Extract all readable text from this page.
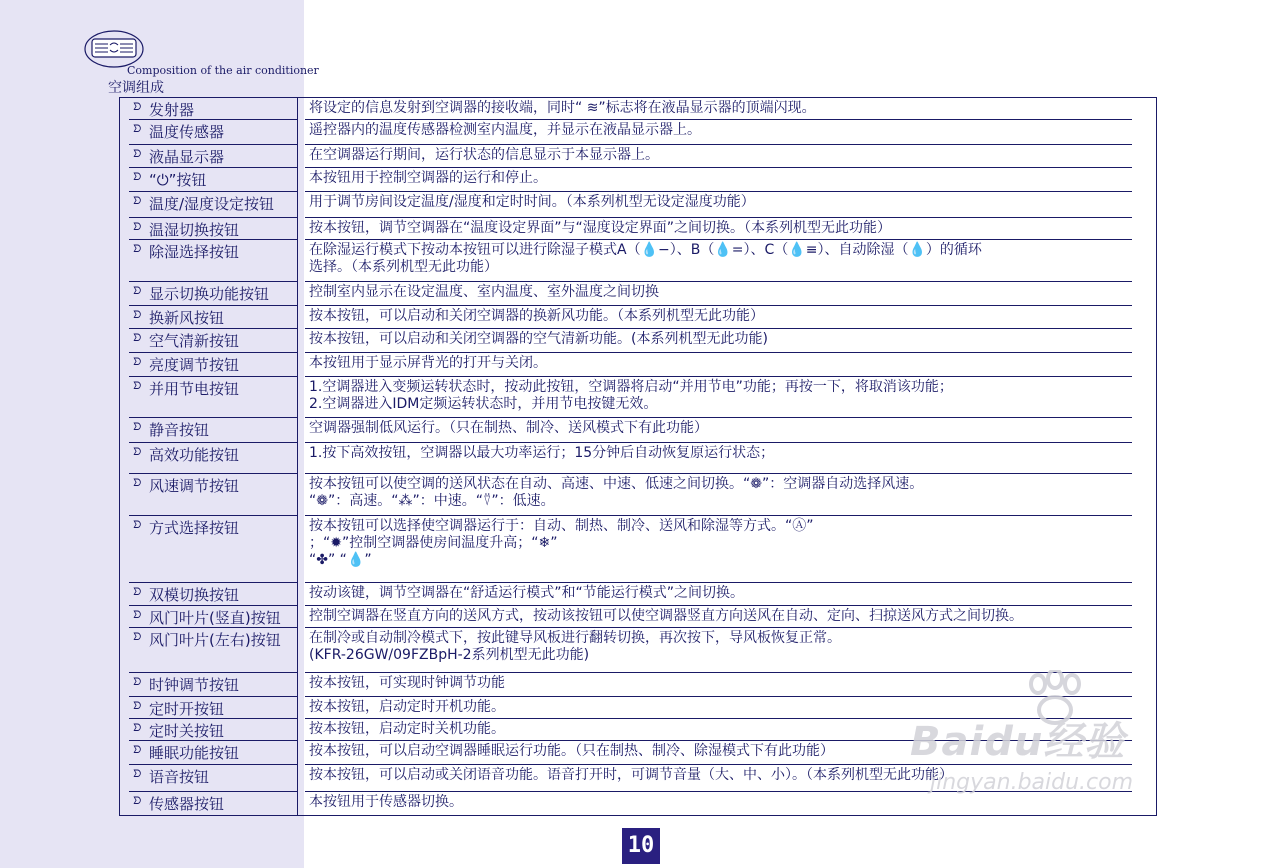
Composition of the air conditioner
空调组成
ᗤ 发射器	将设定的信息发射到空调器的接收端，同时“ ≋”标志将在液晶显示器的顶端闪现。
ᗤ 温度传感器	遥控器内的温度传感器检测室内温度，并显示在液晶显示器上。
ᗤ 液晶显示器	在空调器运行期间，运行状态的信息显示于本显示器上。
ᗤ “⏻”按钮	本按钮用于控制空调器的运行和停止。
ᗤ 温度/湿度设定按钮 用于调节房间设定温度/湿度和定时时间。（本系列机型无设定湿度功能）
ᗤ 温湿切换按钮	按本按钮，调节空调器在“温度设定界面”与“湿度设定界面”之间切换。（本系列机型无此功能）
ᗤ 除湿选择按钮	在除湿运行模式下按动本按钮可以进行除湿子模式A（💧−）、B（💧=）、C（💧≡）、自动除湿（💧）的循环
选择。（本系列机型无此功能）
ᗤ 显示切换功能按钮	控制室内显示在设定温度、室内温度、室外温度之间切换
ᗤ 换新风按钮	按本按钮，可以启动和关闭空调器的换新风功能。（本系列机型无此功能）
ᗤ 空气清新按钮	按本按钮，可以启动和关闭空调器的空气清新功能。(本系列机型无此功能)
ᗤ 亮度调节按钮	本按钮用于显示屏背光的打开与关闭。
ᗤ 并用节电按钮	1.空调器进入变频运转状态时，按动此按钮，空调器将启动“并用节电”功能；再按一下，将取消该功能；
2.空调器进入IDM定频运转状态时，并用节电按键无效。
ᗤ 静音按钮	空调器强制低风运行。（只在制热、制冷、送风模式下有此功能）
ᗤ 高效功能按钮	1.按下高效按钮，空调器以最大功率运行；15分钟后自动恢复原运行状态；
ᗤ 风速调节按钮	按本按钮可以使空调的送风状态在自动、高速、中速、低速之间切换。“❁”：空调器自动选择风速。
“❁”：高速。“⁂”：中速。“⍢”：低速。
ᗤ 方式选择按钮	按本按钮可以选择使空调器运行于：自动、制热、制冷、送风和除湿等方式。“Ⓐ”
；“✹”控制空调器使房间温度升高；“❄”
“✤” “💧”
ᗤ 双模切换按钮	按动该键，调节空调器在“舒适运行模式”和“节能运行模式”之间切换。
ᗤ 风门叶片(竖直)按钮 控制空调器在竖直方向的送风方式，按动该按钮可以使空调器竖直方向送风在自动、定向、扫掠送风方式之间切换。
ᗤ 风门叶片(左右)按钮 在制冷或自动制冷模式下，按此键导风板进行翻转切换，再次按下，导风板恢复正常。
(KFR-26GW/09FZBpH-2系列机型无此功能)
ᗤ 时钟调节按钮	按本按钮，可实现时钟调节功能
ᗤ 定时开按钮	按本按钮，启动定时开机功能。
ᗤ 定时关按钮	按本按钮，启动定时关机功能。
ᗤ 睡眠功能按钮	按本按钮，可以启动空调器睡眠运行功能。（只在制热、制冷、除湿模式下有此功能）
ᗤ 语音按钮	按本按钮，可以启动或关闭语音功能。语音打开时，可调节音量（大、中、小）。（本系列机型无此功能）
ᗤ 传感器按钮	本按钮用于传感器切换。
10
Baidu经验
jingyan.baidu.com
